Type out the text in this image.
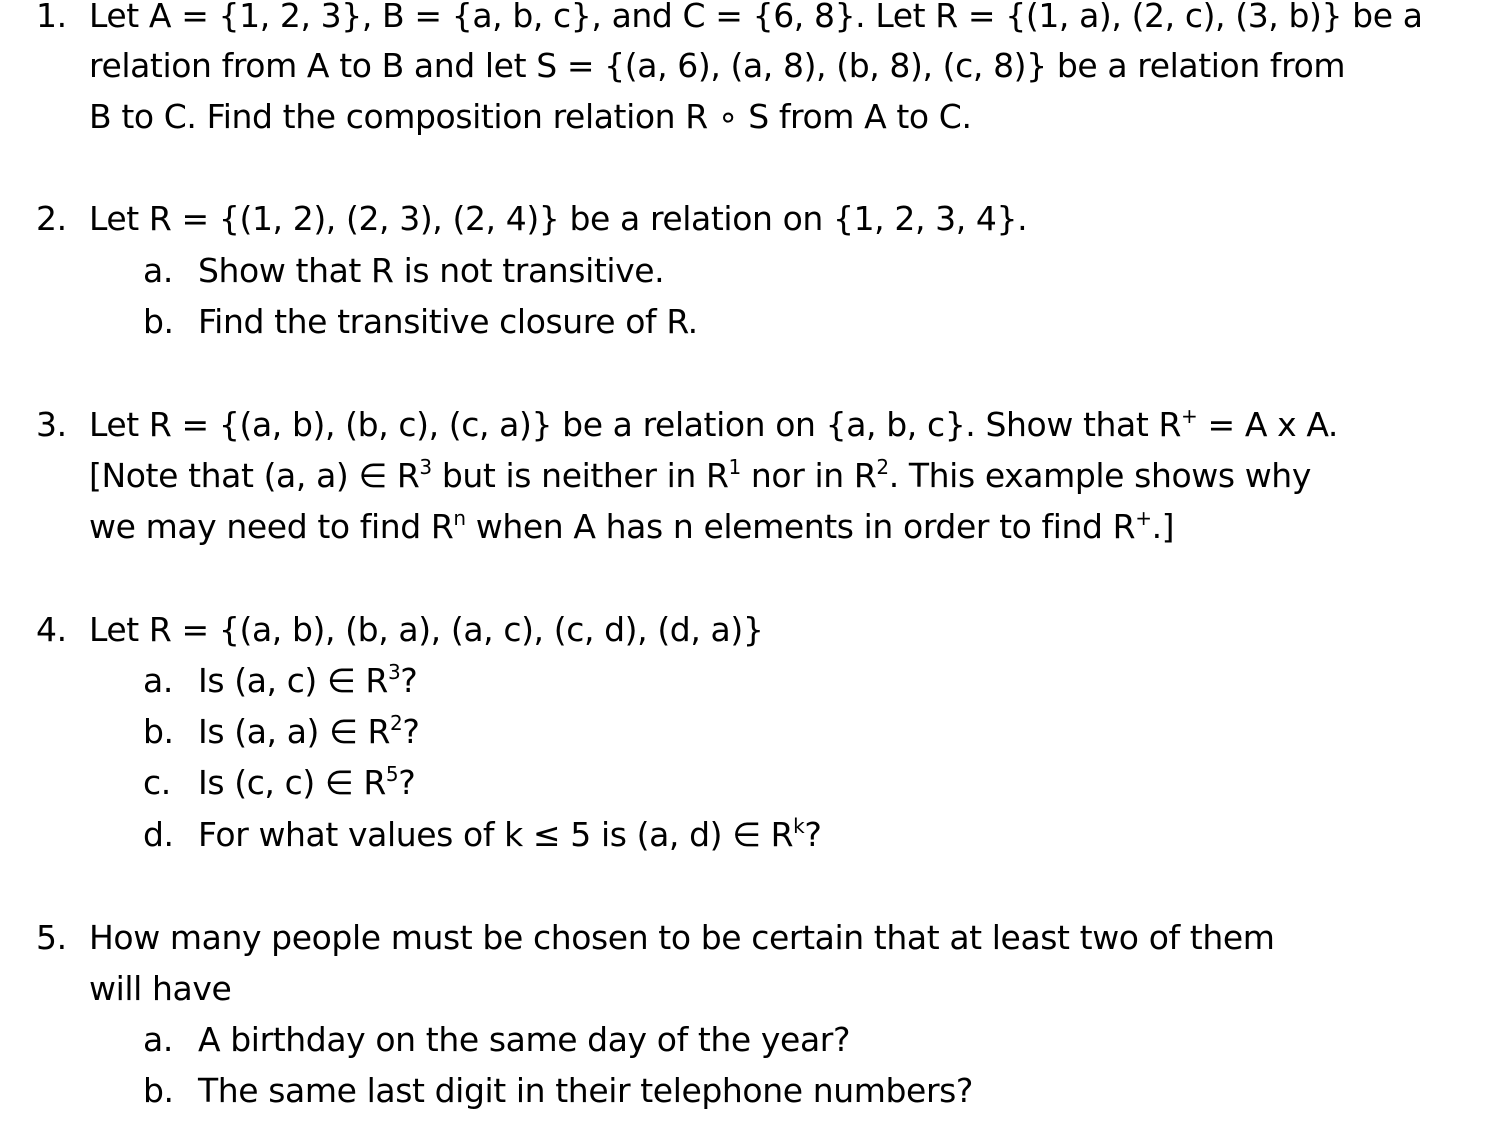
1. Let A = {1, 2, 3}, B = {a, b, c}, and C = {6, 8}. Let R = {(1, a), (2, c), (3, b)} be a
relation from A to B and let S = {(a, 6), (a, 8), (b, 8), (c, 8)} be a relation from
B to C. Find the composition relation R ∘ S from A to C.
2. Let R = {(1, 2), (2, 3), (2, 4)} be a relation on {1, 2, 3, 4}.
a. Show that R is not transitive.
b. Find the transitive closure of R.
3. Let R = {(a, b), (b, c), (c, a)} be a relation on {a, b, c}. Show that R+ = A x A.
[Note that (a, a) ∈ $R^3$ but is neither in $R^1$ nor in $R^2$. This example shows why
we may need to find $R^n$ when A has n elements in order to find R+.]
4. Let R = {(a, b), (b, a), (a, c), (c, d), (d, a)}
a. Is (a, c) ∈ $R^3$?
b. Is (a, a) ∈ $R^2$?
c. Is (c, c) ∈ $R^5$?
d. For what values of k ≤ 5 is (a, d) ∈ $R^k$?
5. How many people must be chosen to be certain that at least two of them
will have
a. A birthday on the same day of the year?
b. The same last digit in their telephone numbers?
